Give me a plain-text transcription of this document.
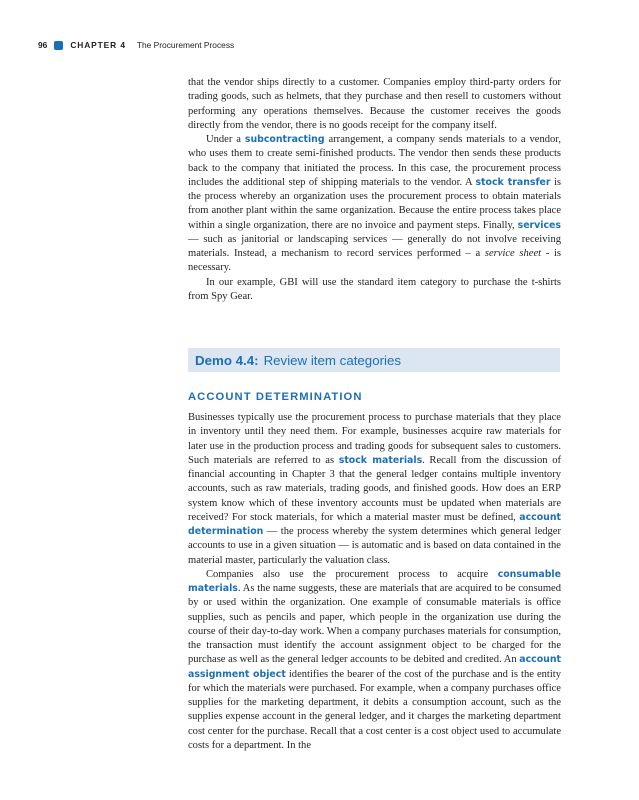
96	CHAPTER 4 The Procurement Process

that the vendor ships directly to a customer. Companies employ third-party orders for trading goods, such as helmets, that they purchase and then resell to customers without performing any operations themselves. Because the customer receives the goods directly from the vendor, there is no goods receipt for the company itself.

Under a subcontracting arrangement, a company sends materials to a vendor, who uses them to create semi-finished products. The vendor then sends these products back to the company that initiated the process. In this case, the procurement process includes the additional step of shipping materials to the vendor. A stock transfer is the process whereby an organization uses the procurement process to obtain materials from another plant within the same organization. Because the entire process takes place within a single organization, there are no invoice and payment steps. Finally, services — such as janitorial or landscaping services — generally do not involve receiving materials. Instead, a mechanism to record services performed – a service sheet - is necessary.

In our example, GBI will use the standard item category to purchase the t-shirts from Spy Gear.

Demo 4.4: Review item categories
ACCOUNT DETERMINATION

Businesses typically use the procurement process to purchase materials that they place in inventory until they need them. For example, businesses acquire raw materials for later use in the production process and trading goods for subsequent sales to customers. Such materials are referred to as stock materials. Recall from the discussion of financial accounting in Chapter 3 that the general ledger contains multiple inventory accounts, such as raw materials, trading goods, and finished goods. How does an ERP system know which of these inventory accounts must be updated when materials are received? For stock materials, for which a material master must be defined, account determination — the process whereby the system determines which general ledger accounts to use in a given situation — is automatic and is based on data contained in the material master, particularly the valuation class.

Companies also use the procurement process to acquire consumable materials. As the name suggests, these are materials that are acquired to be consumed by or used within the organization. One example of consumable materials is office supplies, such as pencils and paper, which people in the organization use during the course of their day-to-day work. When a company purchases materials for consumption, the transaction must identify the account assignment object to be charged for the purchase as well as the general ledger accounts to be debited and credited. An account assignment object identifies the bearer of the cost of the purchase and is the entity for which the materials were purchased. For example, when a company purchases office supplies for the marketing department, it debits a consumption account, such as the supplies expense account in the general ledger, and it charges the marketing department cost center for the purchase. Recall that a cost center is a cost object used to accumulate costs for a department. In the
